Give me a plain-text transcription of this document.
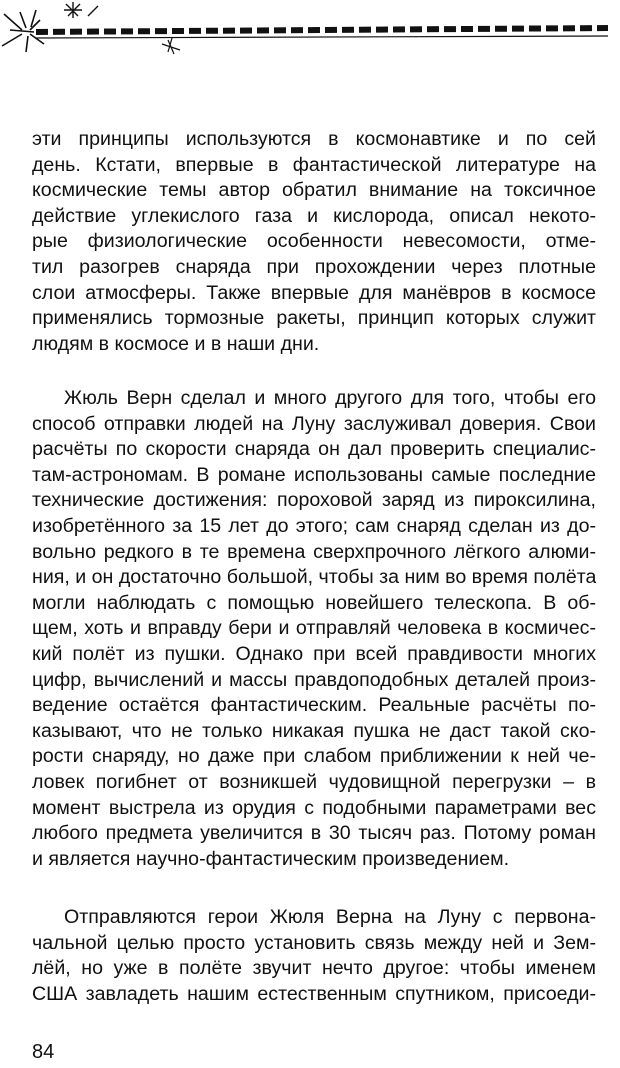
эти принципы используются в космонавтике и по сей
день. Кстати, впервые в фантастической литературе на
космические темы автор обратил внимание на токсичное
действие углекислого газа и кислорода, описал некото-
рые физиологические особенности невесомости, отме-
тил разогрев снаряда при прохождении через плотные
слои атмосферы. Также впервые для манёвров в космосе
применялись тормозные ракеты, принцип которых служит
людям в космосе и в наши дни.
Жюль Верн сделал и много другого для того, чтобы его
способ отправки людей на Луну заслуживал доверия. Свои
расчёты по скорости снаряда он дал проверить специалис-
там-астрономам. В романе использованы самые последние
технические достижения: пороховой заряд из пироксилина,
изобретённого за 15 лет до этого; сам снаряд сделан из до-
вольно редкого в те времена сверхпрочного лёгкого алюми-
ния, и он достаточно большой, чтобы за ним во время полёта
могли наблюдать с помощью новейшего телескопа. В об-
щем, хоть и вправду бери и отправляй человека в космичес-
кий полёт из пушки. Однако при всей правдивости многих
цифр, вычислений и массы правдоподобных деталей произ-
ведение остаётся фантастическим. Реальные расчёты по-
казывают, что не только никакая пушка не даст такой ско-
рости снаряду, но даже при слабом приближении к ней че-
ловек погибнет от возникшей чудовищной перегрузки – в
момент выстрела из орудия с подобными параметрами вес
любого предмета увеличится в 30 тысяч раз. Потому роман
и является научно-фантастическим произведением.
Отправляются герои Жюля Верна на Луну с первона-
чальной целью просто установить связь между ней и Зем-
лёй, но уже в полёте звучит нечто другое: чтобы именем
США завладеть нашим естественным спутником, присоеди-
84
